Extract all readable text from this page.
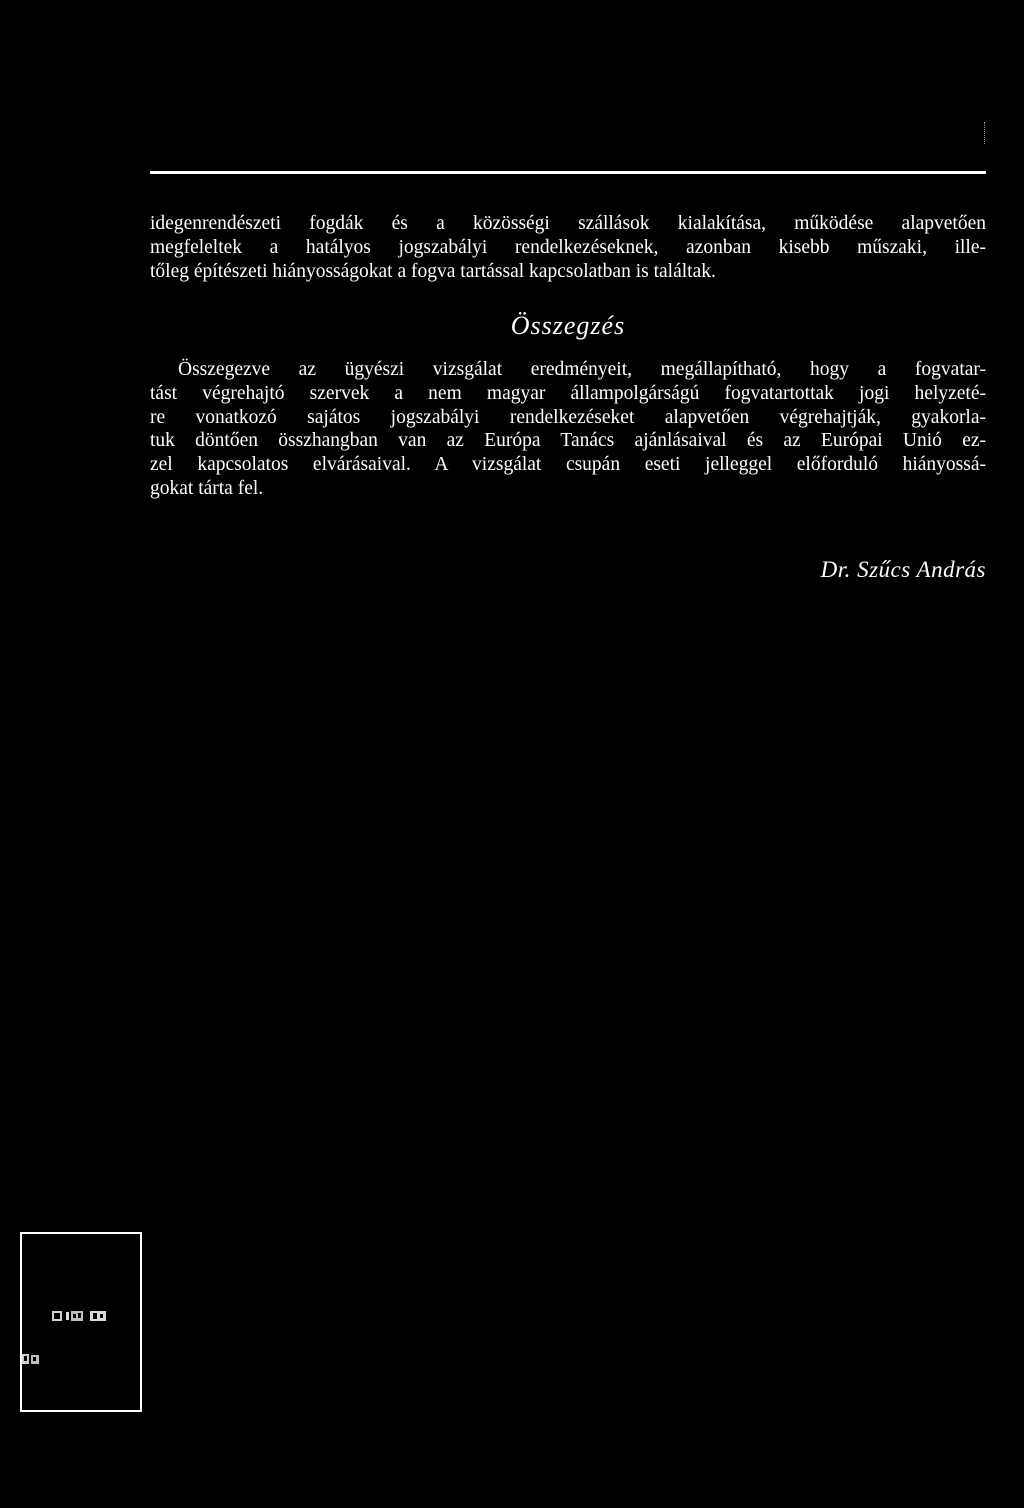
idegenrendészeti fogdák és a közösségi szállások kialakítása, működése alapvetően
megfeleltek a hatályos jogszabályi rendelkezéseknek, azonban kisebb műszaki, ille-
tőleg építészeti hiányosságokat a fogva tartással kapcsolatban is találtak.
Összegzés
Összegezve az ügyészi vizsgálat eredményeit, megállapítható, hogy a fogvatar-
tást végrehajtó szervek a nem magyar állampolgárságú fogvatartottak jogi helyzeté-
re vonatkozó sajátos jogszabályi rendelkezéseket alapvetően végrehajtják, gyakorla-
tuk döntően összhangban van az Európa Tanács ajánlásaival és az Európai Unió ez-
zel kapcsolatos elvárásaival. A vizsgálat csupán eseti jelleggel előforduló hiányossá-
gokat tárta fel.
Dr. Szűcs András
